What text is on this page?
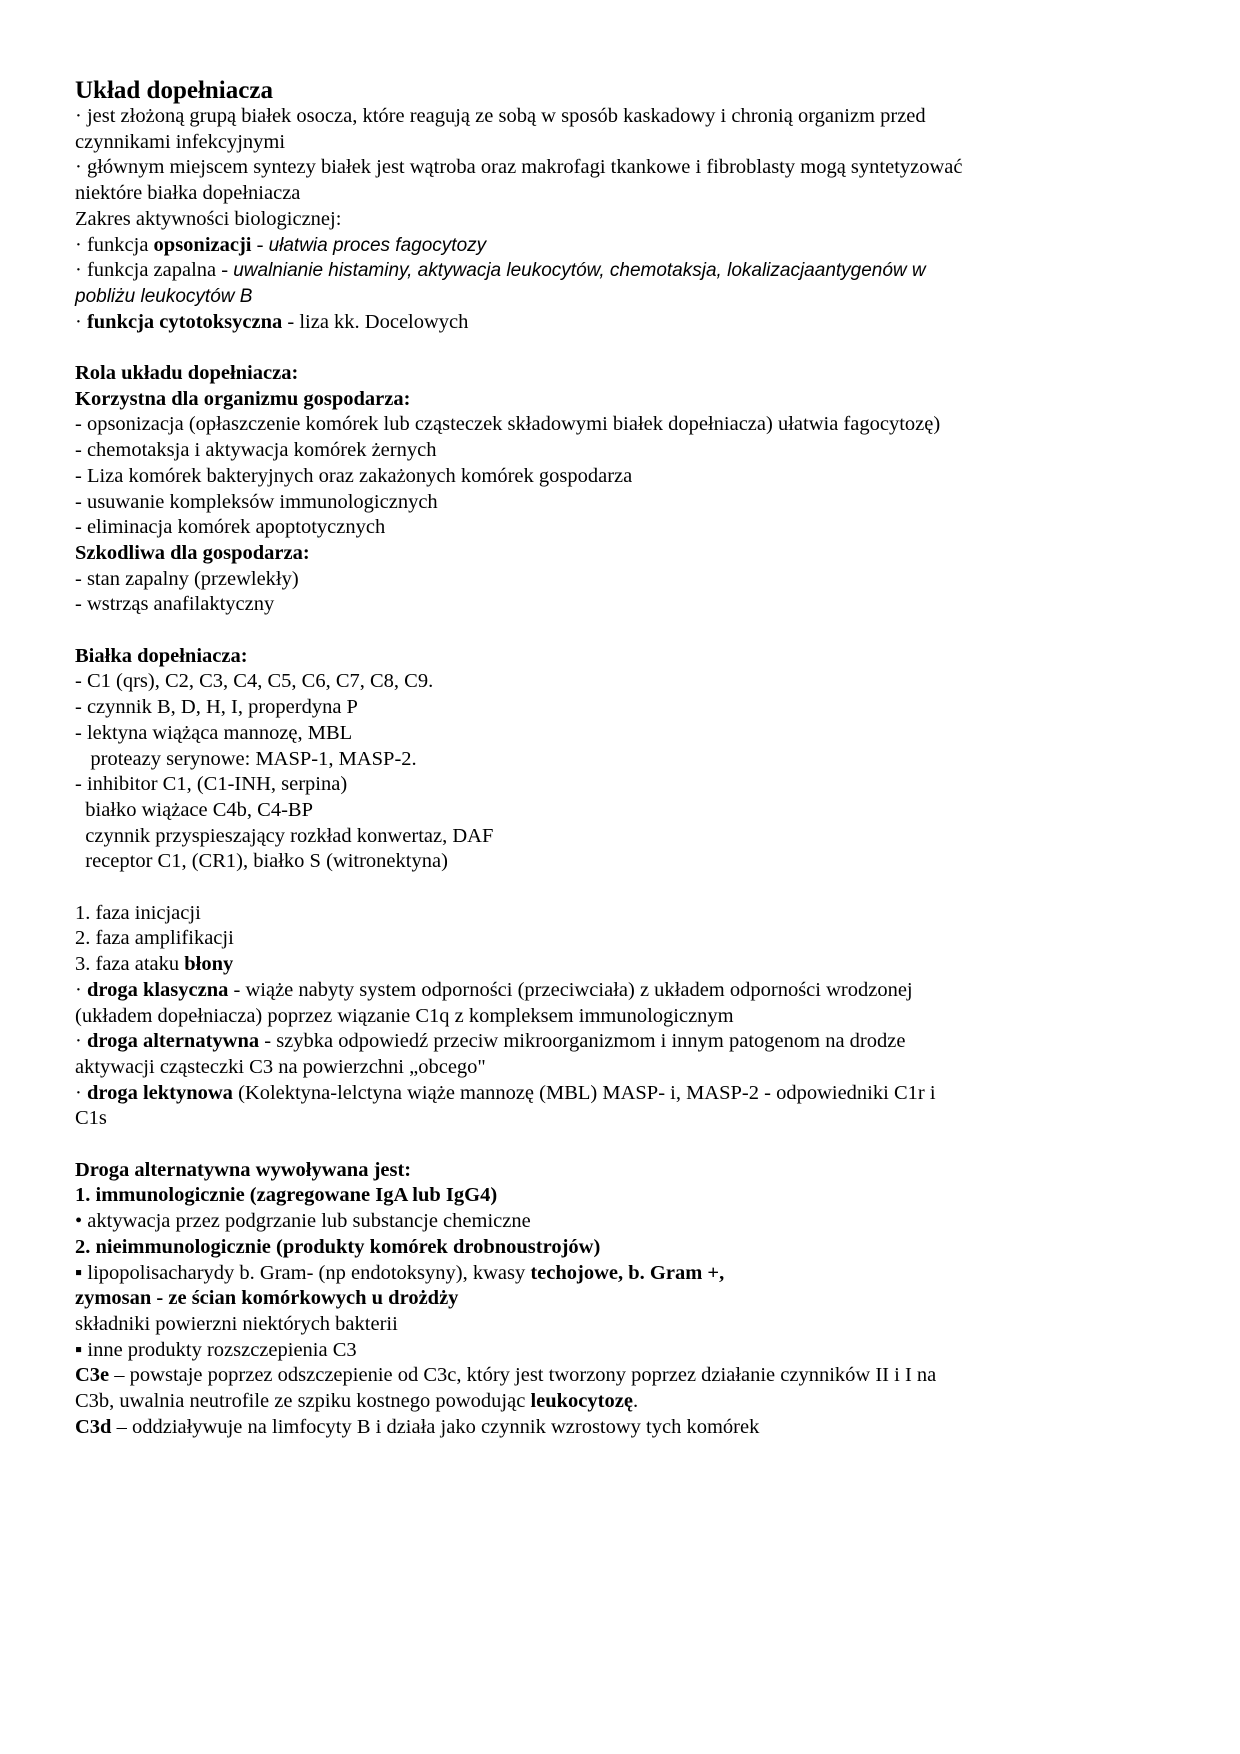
Układ dopełniacza
· jest złożoną grupą białek osocza, które reagują ze sobą w sposób kaskadowy i chronią organizm przed
czynnikami infekcyjnymi
· głównym miejscem syntezy białek jest wątroba oraz makrofagi tkankowe i fibroblasty mogą syntetyzować
niektóre białka dopełniacza
Zakres aktywności biologicznej:
· funkcja opsonizacji - ułatwia proces fagocytozy
· funkcja zapalna - uwalnianie histaminy, aktywacja leukocytów, chemotaksja, lokalizacjaantygenów w
pobliżu leukocytów B
· funkcja cytotoksyczna - liza kk. Docelowych
Rola układu dopełniacza:
Korzystna dla organizmu gospodarza:
- opsonizacja (opłaszczenie komórek lub cząsteczek składowymi białek dopełniacza) ułatwia fagocytozę)
- chemotaksja i aktywacja komórek żernych
- Liza komórek bakteryjnych oraz zakażonych komórek gospodarza
- usuwanie kompleksów immunologicznych
- eliminacja komórek apoptotycznych
Szkodliwa dla gospodarza:
- stan zapalny (przewlekły)
- wstrząs anafilaktyczny
Białka dopełniacza:
- C1 (qrs), C2, C3, C4, C5, C6, C7, C8, C9.
- czynnik B, D, H, I, properdyna P
- lektyna wiążąca mannozę, MBL
proteazy serynowe: MASP-1, MASP-2.
- inhibitor C1, (C1-INH, serpina)
białko wiążace C4b, C4-BP
czynnik przyspieszający rozkład konwertaz, DAF
receptor C1, (CR1), białko S (witronektyna)
1. faza inicjacji
2. faza amplifikacji
3. faza ataku błony
· droga klasyczna - wiąże nabyty system odporności (przeciwciała) z układem odporności wrodzonej
(układem dopełniacza) poprzez wiązanie C1q z kompleksem immunologicznym
· droga alternatywna - szybka odpowiedź przeciw mikroorganizmom i innym patogenom na drodze
aktywacji cząsteczki C3 na powierzchni „obcego"
· droga lektynowa (Kolektyna-lelctyna wiąże mannozę (MBL) MASP- i, MASP-2 - odpowiedniki C1r i
C1s
Droga alternatywna wywoływana jest:
1. immunologicznie (zagregowane IgA lub IgG4)
• aktywacja przez podgrzanie lub substancje chemiczne
2. nieimmunologicznie (produkty komórek drobnoustrojów)
▪ lipopolisacharydy b. Gram- (np endotoksyny), kwasy techojowe, b. Gram +,
zymosan - ze ścian komórkowych u drożdży
składniki powierzni niektórych bakterii
▪ inne produkty rozszczepienia C3
C3e – powstaje poprzez odszczepienie od C3c, który jest tworzony poprzez działanie czynników II i I na
C3b, uwalnia neutrofile ze szpiku kostnego powodując leukocytozę.
C3d – oddziaływuje na limfocyty B i działa jako czynnik wzrostowy tych komórek
